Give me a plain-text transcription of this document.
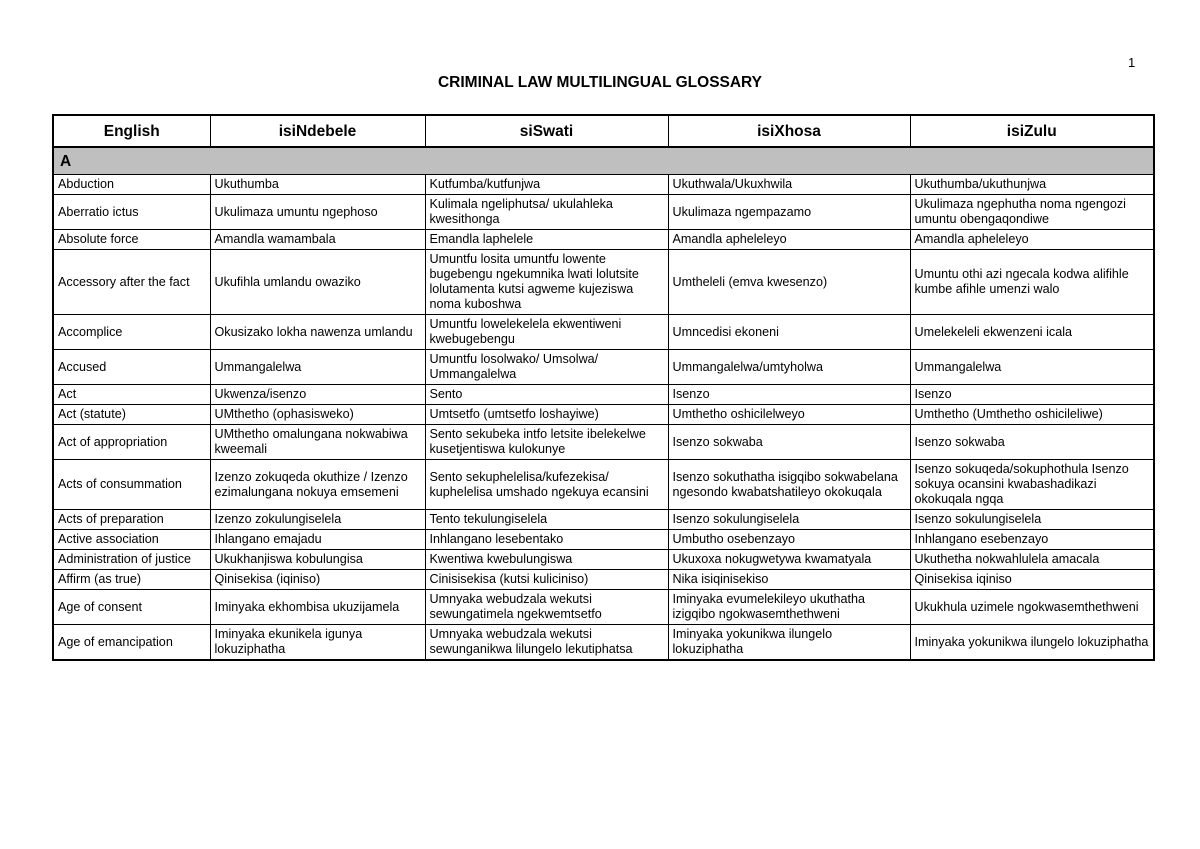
1
CRIMINAL LAW MULTILINGUAL GLOSSARY
English	isiNdebele	siSwati	isiXhosa	isiZulu
A				
Abduction	Ukuthumba	Kutfumba/kutfunjwa	Ukuthwala/Ukuxhwila	Ukuthumba/ukuthunjwa
Aberratio ictus	Ukulimaza umuntu ngephoso	Kulimala ngeliphutsa/ ukulahleka kwesithonga	Ukulimaza ngempazamo	Ukulimaza ngephutha noma ngengozi umuntu obengaqondiwe
Absolute force	Amandla wamambala	Emandla laphelele	Amandla apheleleyo	Amandla apheleleyo
Accessory after the fact	Ukufihla umlandu owaziko	Umuntfu losita umuntfu lowente bugebengu ngekumnika lwati lolutsite lolutamenta kutsi agweme kujeziswa noma kuboshwa	Umtheleli (emva kwesenzo)	Umuntu othi azi ngecala kodwa alifihle kumbe afihle umenzi walo
Accomplice	Okusizako lokha nawenza umlandu	Umuntfu lowelekelela ekwentiweni kwebugebengu	Umncedisi ekoneni	Umelekeleli ekwenzeni icala
Accused	Ummangalelwa	Umuntfu losolwako/ Umsolwa/ Ummangalelwa	Ummangalelwa/umtyholwa	Ummangalelwa
Act	Ukwenza/isenzo	Sento	Isenzo	Isenzo
Act (statute)	UMthetho (ophasisweko)	Umtsetfo (umtsetfo loshayiwe)	Umthetho oshicilelweyo	Umthetho (Umthetho oshicileliwe)
Act of appropriation	UMthetho omalungana nokwabiwa kweemali	Sento sekubeka intfo letsite ibelekelwe kusetjentiswa kulokunye	Isenzo sokwaba	Isenzo sokwaba
Acts of consummation	Izenzo zokuqeda okuthize / Izenzo ezimalungana nokuya emsemeni	Sento sekuphelelisa/kufezekisa/ kuphelelisa umshado ngekuya ecansini	Isenzo sokuthatha isigqibo sokwabelana ngesondo kwabatshatileyo okokuqala	Isenzo sokuqeda/sokuphothula Isenzo sokuya ocansini kwabashadikazi okokuqala ngqa
Acts of preparation	Izenzo zokulungiselela	Tento tekulungiselela	Isenzo sokulungiselela	Isenzo sokulungiselela
Active association	Ihlangano emajadu	Inhlangano lesebentako	Umbutho osebenzayo	Inhlangano esebenzayo
Administration of justice	Ukukhanjiswa kobulungisa	Kwentiwa kwebulungiswa	Ukuxoxa nokugwetywa kwamatyala	Ukuthetha nokwahlulela amacala
Affirm (as true)	Qinisekisa (iqiniso)	Cinisisekisa (kutsi kuliciniso)	Nika isiqinisekiso	Qinisekisa iqiniso
Age of consent	Iminyaka ekhombisa ukuzijamela	Umnyaka webudzala wekutsi sewungatimela ngekwemtsetfo	Iminyaka evumelekileyo ukuthatha izigqibo ngokwasemthethweni	Ukukhula uzimele ngokwasemthethweni
Age of emancipation	Iminyaka ekunikela igunya lokuziphatha	Umnyaka webudzala wekutsi sewunganikwa lilungelo lekutiphatsa	Iminyaka yokunikwa ilungelo lokuziphatha	Iminyaka yokunikwa ilungelo lokuziphatha
